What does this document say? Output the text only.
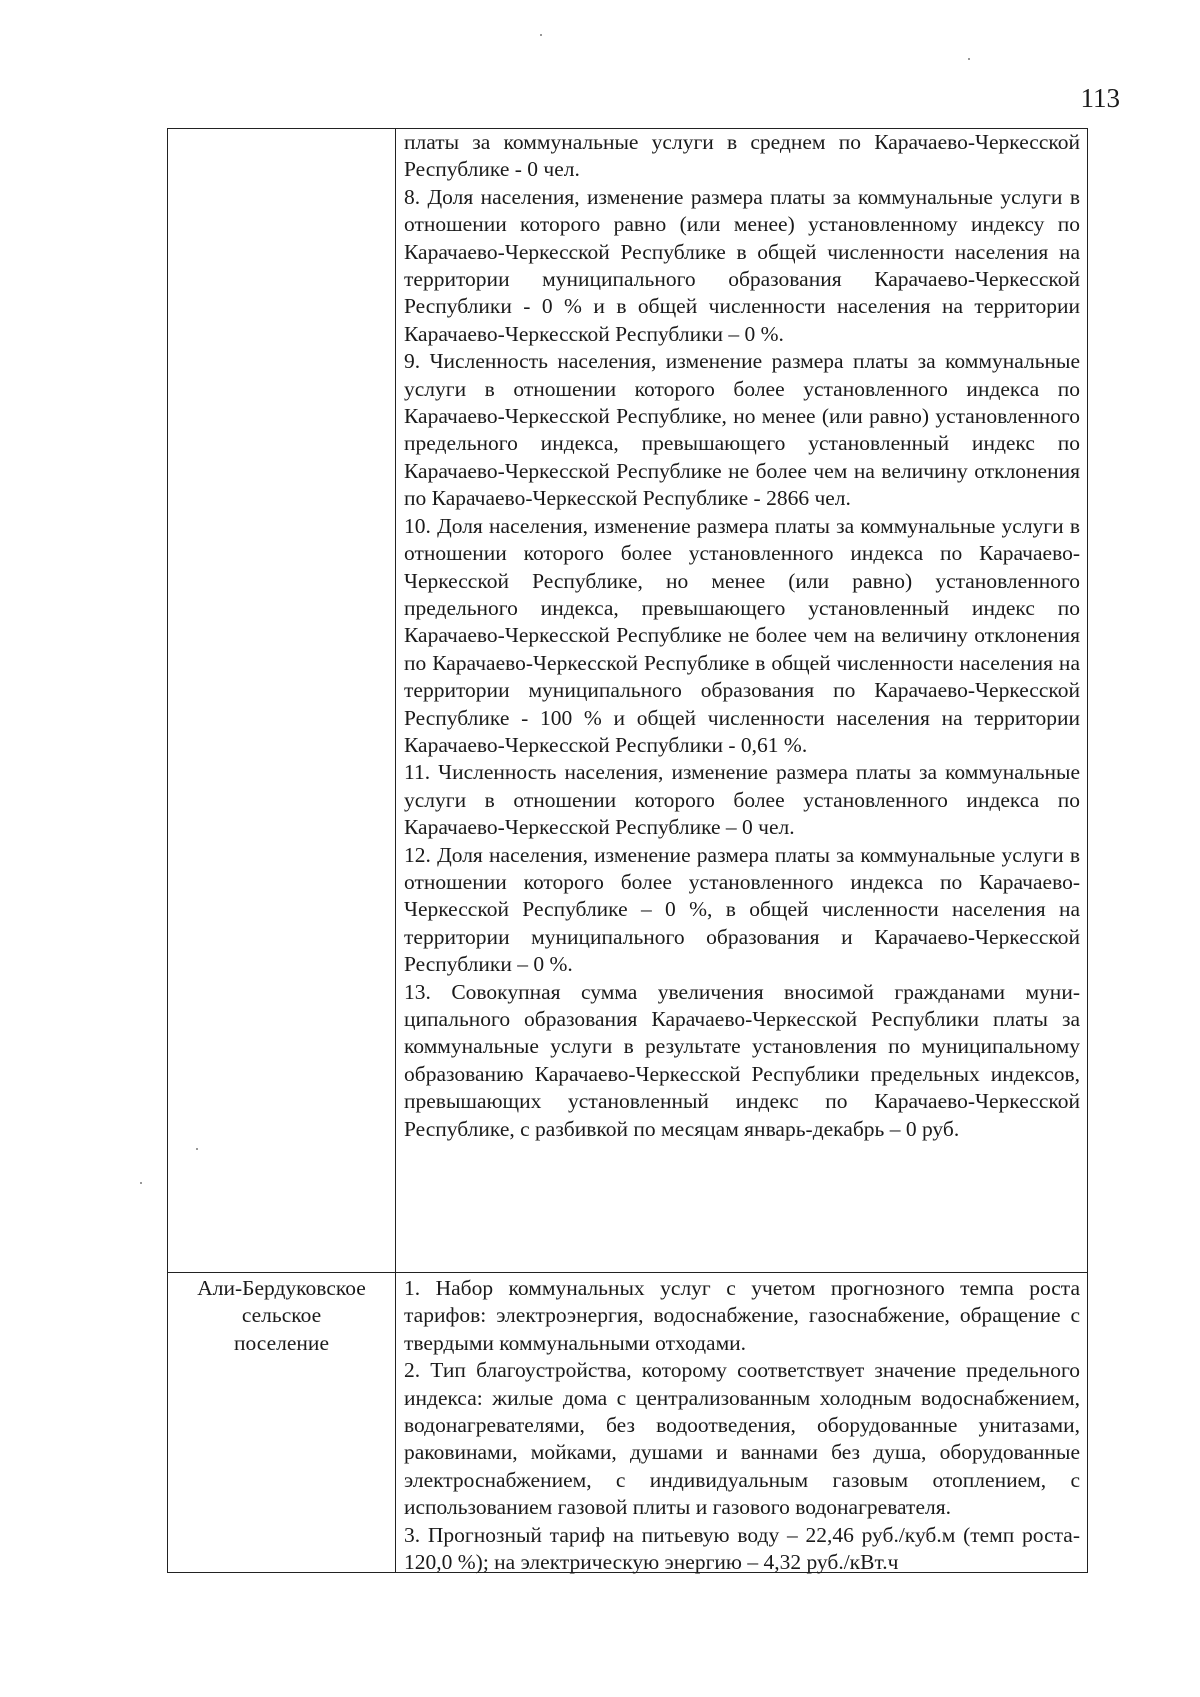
113

платы за коммунальные услуги в среднем по Карачаево-Черкесской Республике - 0 чел.

8. Доля населения, изменение размера платы за коммунальные услуги в отношении которого равно (или менее) установленному индексу по Карачаево-Черкесской Республике в общей численности населения на территории муниципального образования Карачаево-Черкесской Республики - 0 % и в общей численности населения на территории Карачаево-Черкесской Республики – 0 %.

9. Численность населения, изменение размера платы за коммунальные услуги в отношении которого более установленного индекса по Карачаево-Черкесской Республике, но менее (или равно) установленного предельного индекса, превышающего установленный индекс по Карачаево-Черкесской Республике не более чем на величину отклонения по Карачаево-Черкесской Республике - 2866 чел.

10. Доля населения, изменение размера платы за коммунальные услуги в отношении которого более установленного индекса по Карачаево-Черкесской Республике, но менее (или равно) установленного предельного индекса, превышающего установленный индекс по Карачаево-Черкесской Республике не более чем на величину отклонения по Карачаево-Черкесской Республике в общей численности населения на территории муниципального образования по Карачаево-Черкесской Республике - 100 % и общей численности населения на территории Карачаево-Черкесской Республики - 0,61 %.

11. Численность населения, изменение размера платы за коммунальные услуги в отношении которого более установленного индекса по Карачаево-Черкесской Республике – 0 чел.

12. Доля населения, изменение размера платы за коммунальные услуги в отношении которого более установленного индекса по Карачаево-Черкесской Республике – 0 %, в общей численности населения на территории муниципального образования и Карачаево-Черкесской Республики – 0 %.

13. Совокупная сумма увеличения вносимой гражданами муниципального образования Карачаево-Черкесской Республики платы за коммунальные услуги в результате установления по муниципальному образованию Карачаево-Черкесской Республики предельных индексов, превышающих установленный индекс по Карачаево-Черкесской Республике, с разбивкой по месяцам январь-декабрь – 0 руб.

Али-Бердуковское
сельское
поселение

1. Набор коммунальных услуг с учетом прогнозного темпа роста тарифов: электроэнергия, водоснабжение, газоснабжение, обращение с твердыми коммунальными отходами.

2. Тип благоустройства, которому соответствует значение предельного индекса: жилые дома с централизованным холодным водоснабжением, водонагревателями, без водоотведения, оборудованные унитазами, раковинами, мойками, душами и ваннами без душа, оборудованные электроснабжением, с индивидуальным газовым отоплением, с использованием газовой плиты и газового водонагревателя.

3. Прогнозный тариф на питьевую воду – 22,46 руб./куб.м (темп роста- 120,0 %); на электрическую энергию – 4,32 руб./кВт.ч
